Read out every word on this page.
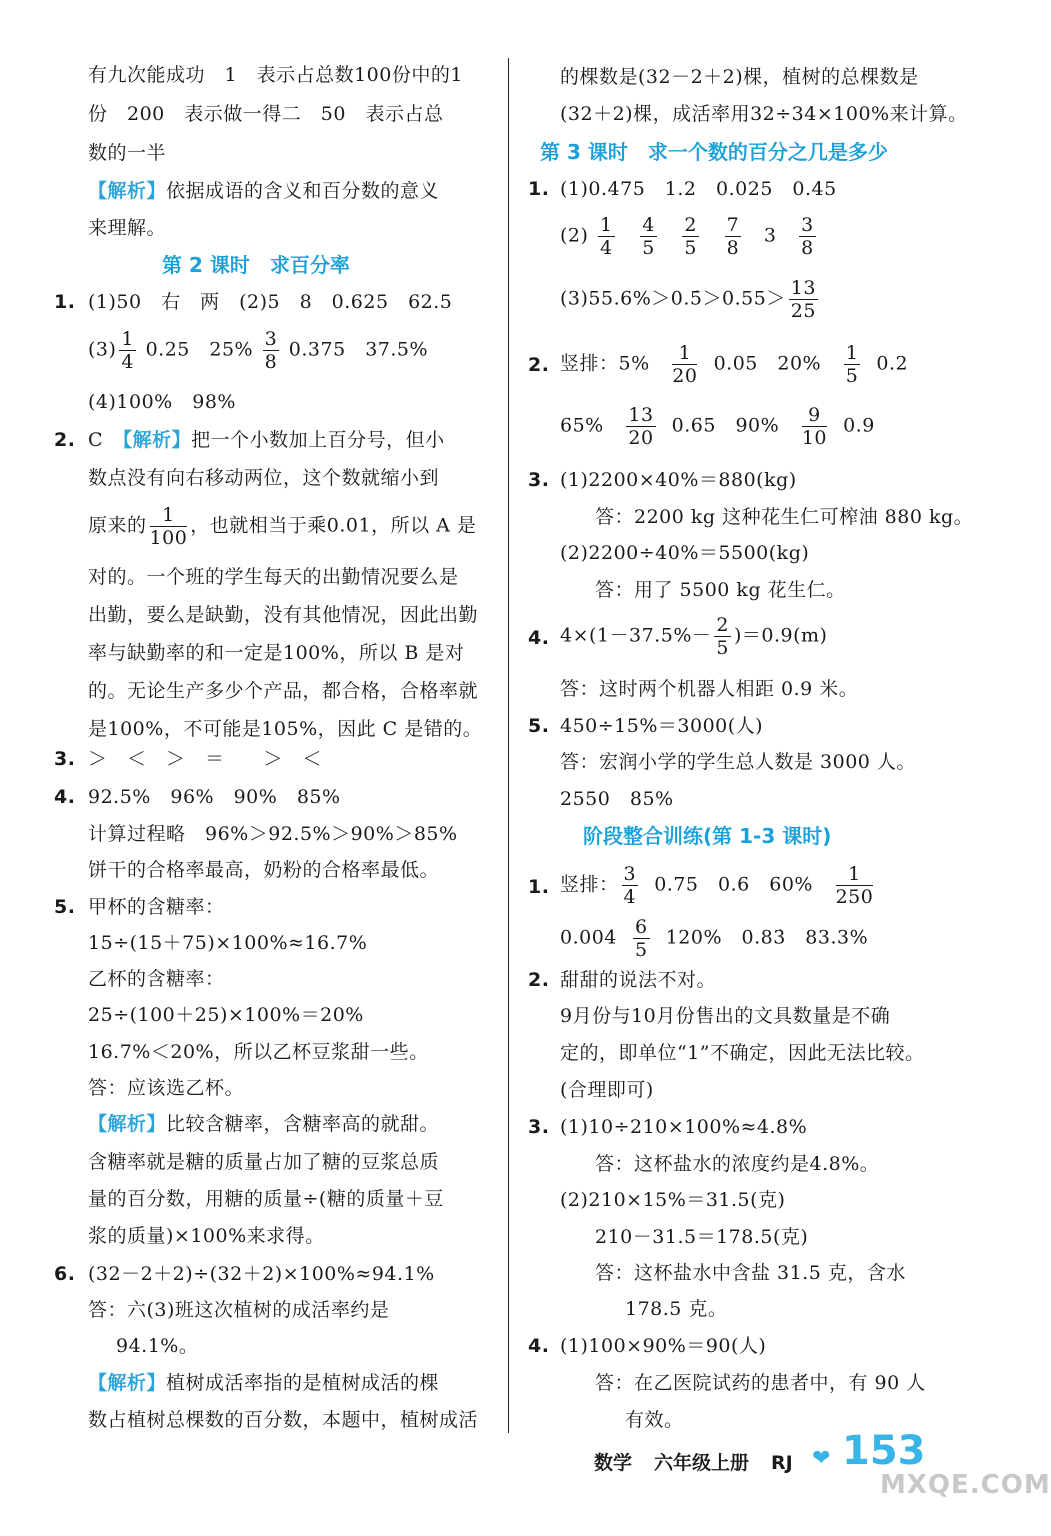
有九次能成功　1　表示占总数100份中的1
份　200　表示做一得二　50　表示占总
数的一半
【解析】依据成语的含义和百分数的意义
来理解。
第 2 课时　求百分率
1. (1)50　右　两　(2)5　8　0.625　62.5
$(3) \frac{1}{4} 0.25$　$25\% \frac{3}{8} 0.375$　37.5%
(4)100%　98%
2. C　 【解析】把一个小数加上百分号，但小
数点没有向右移动两位，这个数就缩小到
原来的 $\frac{1}{100}$ ，也就相当于乘0.01，所以 A 是
对的。一个班的学生每天的出勤情况要么是
出勤，要么是缺勤，没有其他情况，因此出勤
率与缺勤率的和一定是100%，所以 B 是对
的。无论生产多少个产品，都合格，合格率就
是100%，不可能是105%，因此 C 是错的。
3. ＞　＜　＞　＝　　＞　＜
4. 92.5%　96%　90%　85%
计算过程略　96%＞92.5%＞90%＞85%
饼干的合格率最高，奶粉的合格率最低。
5. 甲杯的含糖率：
15÷(15＋75)×100%≈16.7%
乙杯的含糖率：
25÷(100＋25)×100%＝20%
16.7%＜20%，所以乙杯豆浆甜一些。
答：应该选乙杯。
【解析】比较含糖率，含糖率高的就甜。
含糖率就是糖的质量占加了糖的豆浆总质
量的百分数，用糖的质量÷(糖的质量＋豆
浆的质量)×100%来求得。
6. (32－2＋2)÷(32＋2)×100%≈94.1%
答：六(3)班这次植树的成活率约是
94.1%。
【解析】植树成活率指的是植树成活的棵
数占植树总棵数的百分数，本题中，植树成活
的棵数是(32－2＋2)棵，植树的总棵数是
(32＋2)棵，成活率用32÷34×100%来计算。
第 3 课时　求一个数的百分之几是多少
1. (1)0.475　1.2　0.025　0.45
$(2) \frac{1}{4}$
$\frac{4}{5}$
$\frac{2}{5}$
$\frac{7}{8} 3 \frac{3}{8}$
(3)55.6%＞0.5̇＞0.55＞ $\frac{13}{25}$
2. 竖排：$5\% \frac{1}{20} 0.05$　$20\% \frac{1}{5} 0.2$
$65\% \frac{13}{20} 0.65$　$90\% \frac{9}{10} 0.9$
3. (1)2200×40%＝880(kg)
答：2200 kg 这种花生仁可榨油 880 kg。
(2)2200÷40%＝5500(kg)
答：用了 5500 kg 花生仁。
4. $4\times(1-37.5\%- \frac{2}{5} )=0.9(m)$
答：这时两个机器人相距 0.9 米。
5. 450÷15%＝3000(人)
答：宏润小学的学生总人数是 3000 人。
2550　85%
阶段整合训练(第 1-3 课时)
1. 竖排： $\frac{3}{4} 0.75$　0.6　$60\% \frac{1}{250}$
$0.004 \frac{6}{5} 120\%$　0.83̇　83.3%
2. 甜甜的说法不对。
9月份与10月份售出的文具数量是不确
定的，即单位“1”不确定，因此无法比较。
(合理即可)
3. (1)10÷210×100%≈4.8%
答：这杯盐水的浓度约是4.8%。
(2)210×15%＝31.5(克)
210－31.5＝178.5(克)
答：这杯盐水中含盐 31.5 克，含水
178.5 克。
4. (1)100×90%＝90(人)
答：在乙医院试药的患者中，有 90 人
有效。
数学 六年级上册 RJ ❤ 153
MXQE.COM
